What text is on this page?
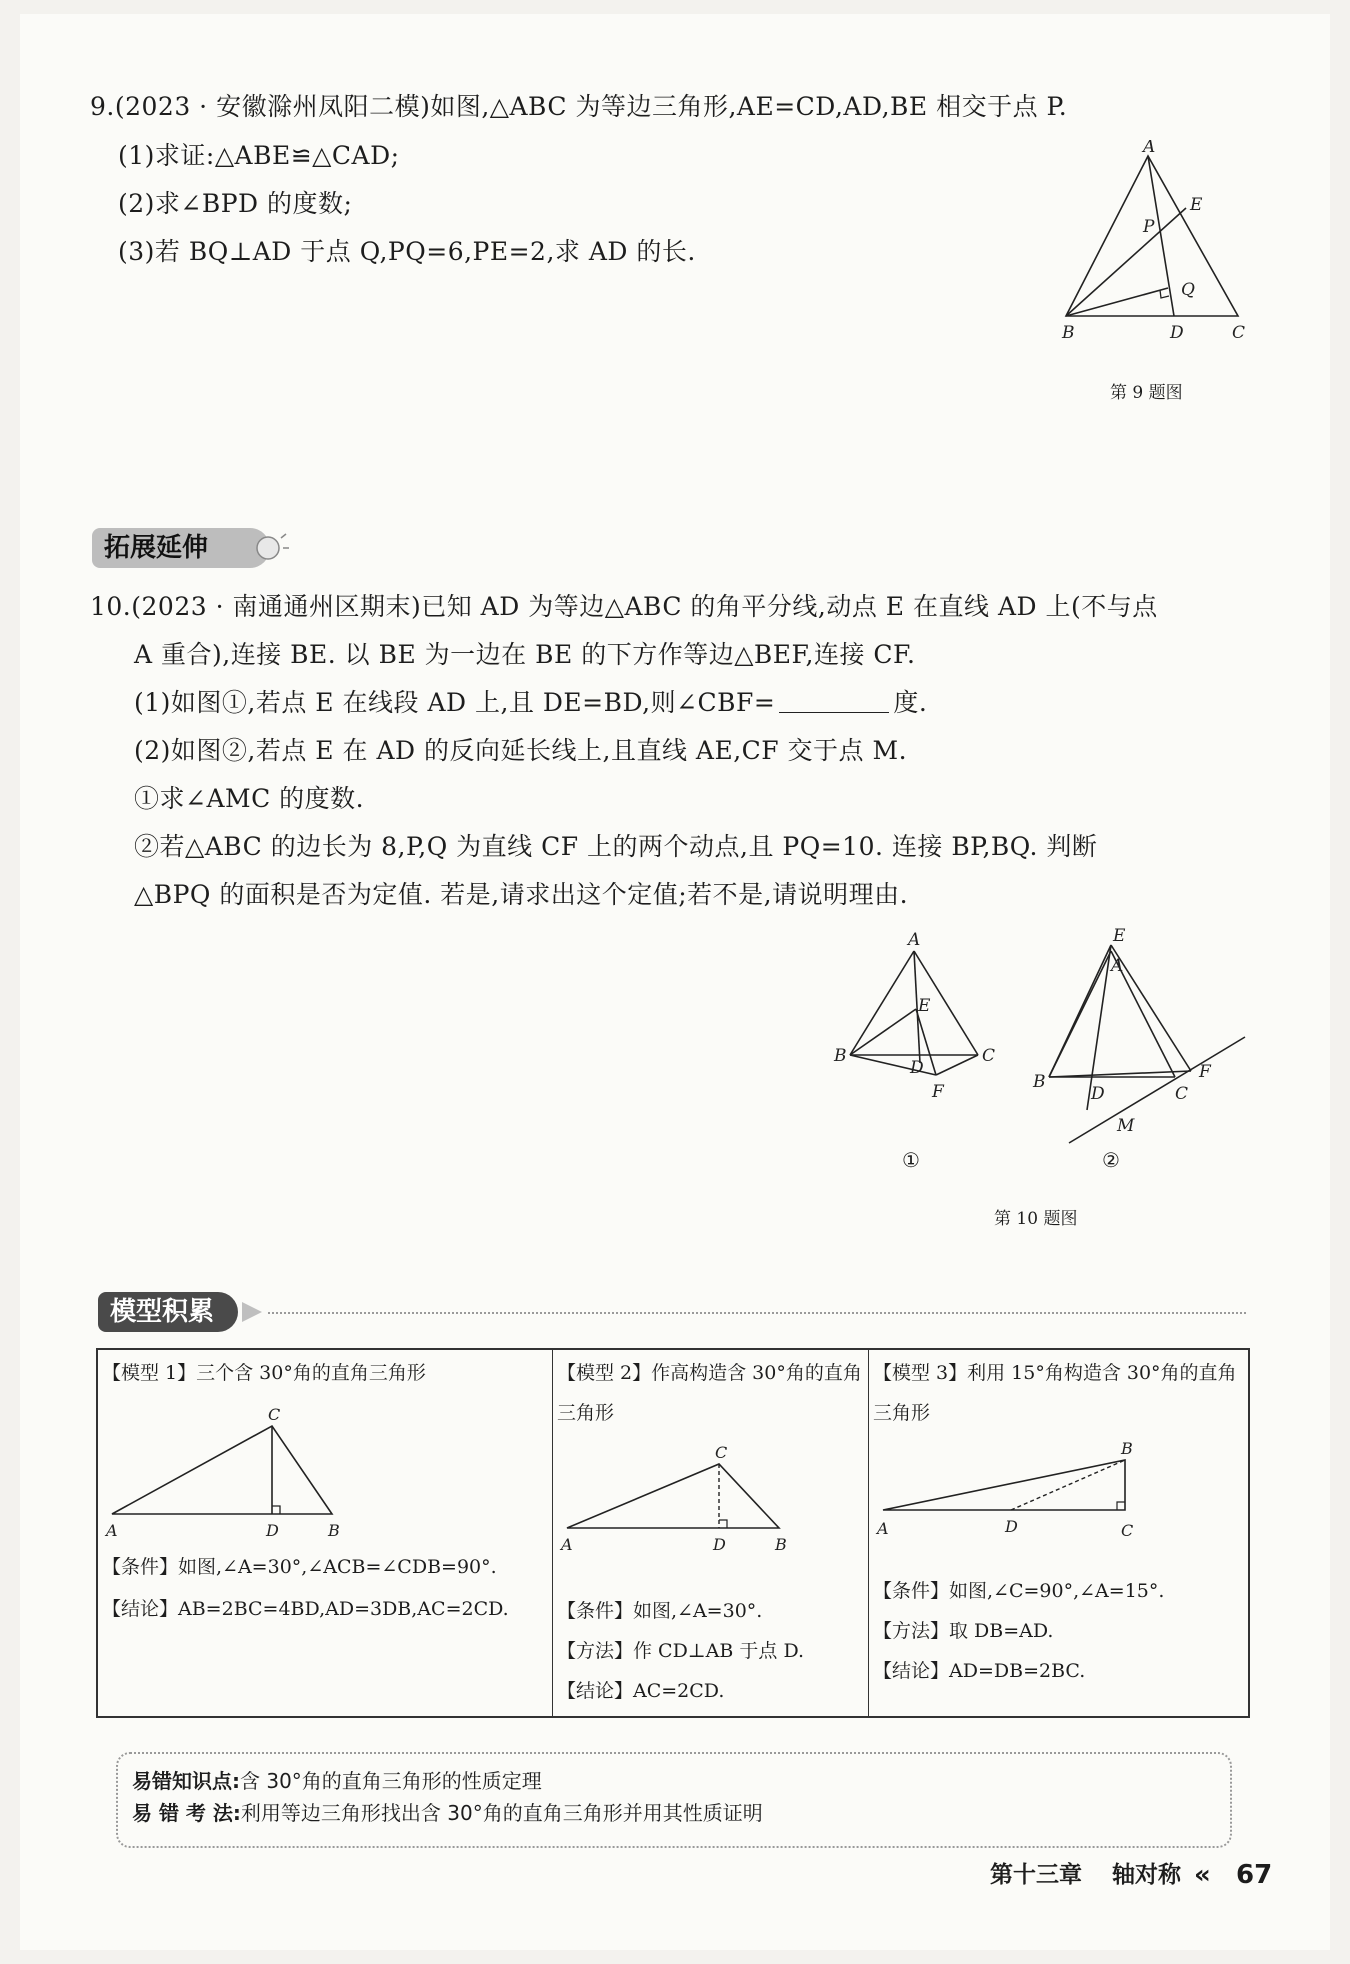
9.(2023 · 安徽滁州凤阳二模)如图,△ABC 为等边三角形,AE=CD,AD,BE 相交于点 P.
(1)求证:△ABE≌△CAD;
(2)求∠BPD 的度数;
(3)若 BQ⊥AD 于点 Q,PQ=6,PE=2,求 AD 的长.
A
B	C
D
E
P
Q
第 9 题图
拓展延伸
10.(2023 · 南通通州区期末)已知 AD 为等边△ABC 的角平分线,动点 E 在直线 AD 上(不与点
A 重合),连接 BE. 以 BE 为一边在 BE 的下方作等边△BEF,连接 CF.
(1)如图①,若点 E 在线段 AD 上,且 DE=BD,则∠CBF=	度.
(2)如图②,若点 E 在 AD 的反向延长线上,且直线 AE,CF 交于点 M.
①求∠AMC 的度数.
②若△ABC 的边长为 8,P,Q 为直线 CF 上的两个动点,且 PQ=10. 连接 BP,BQ. 判断
△BPQ 的面积是否为定值. 若是,请求出这个定值;若不是,请说明理由.
A
B	C
D
E
F
①
E
A
B
C
D
F
M
②
第 10 题图
模型积累
【模型 1】三个含 30°角的直角三角形
A	B
C
D
【条件】如图,∠A=30°,∠ACB=∠CDB=90°.
【结论】AB=2BC=4BD,AD=3DB,AC=2CD.
【模型 2】作高构造含 30°角的直角
三角形
A	B
C
D
【条件】如图,∠A=30°.
【方法】作 CD⊥AB 于点 D.
【结论】AC=2CD.
【模型 3】利用 15°角构造含 30°角的直角
三角形
A
B
C
D
【条件】如图,∠C=90°,∠A=15°.
【方法】取 DB=AD.
【结论】AD=DB=2BC.
易错知识点:含 30°角的直角三角形的性质定理
易 错 考 法:利用等边三角形找出含 30°角的直角三角形并用其性质证明
第十三章 轴对称 « 67
